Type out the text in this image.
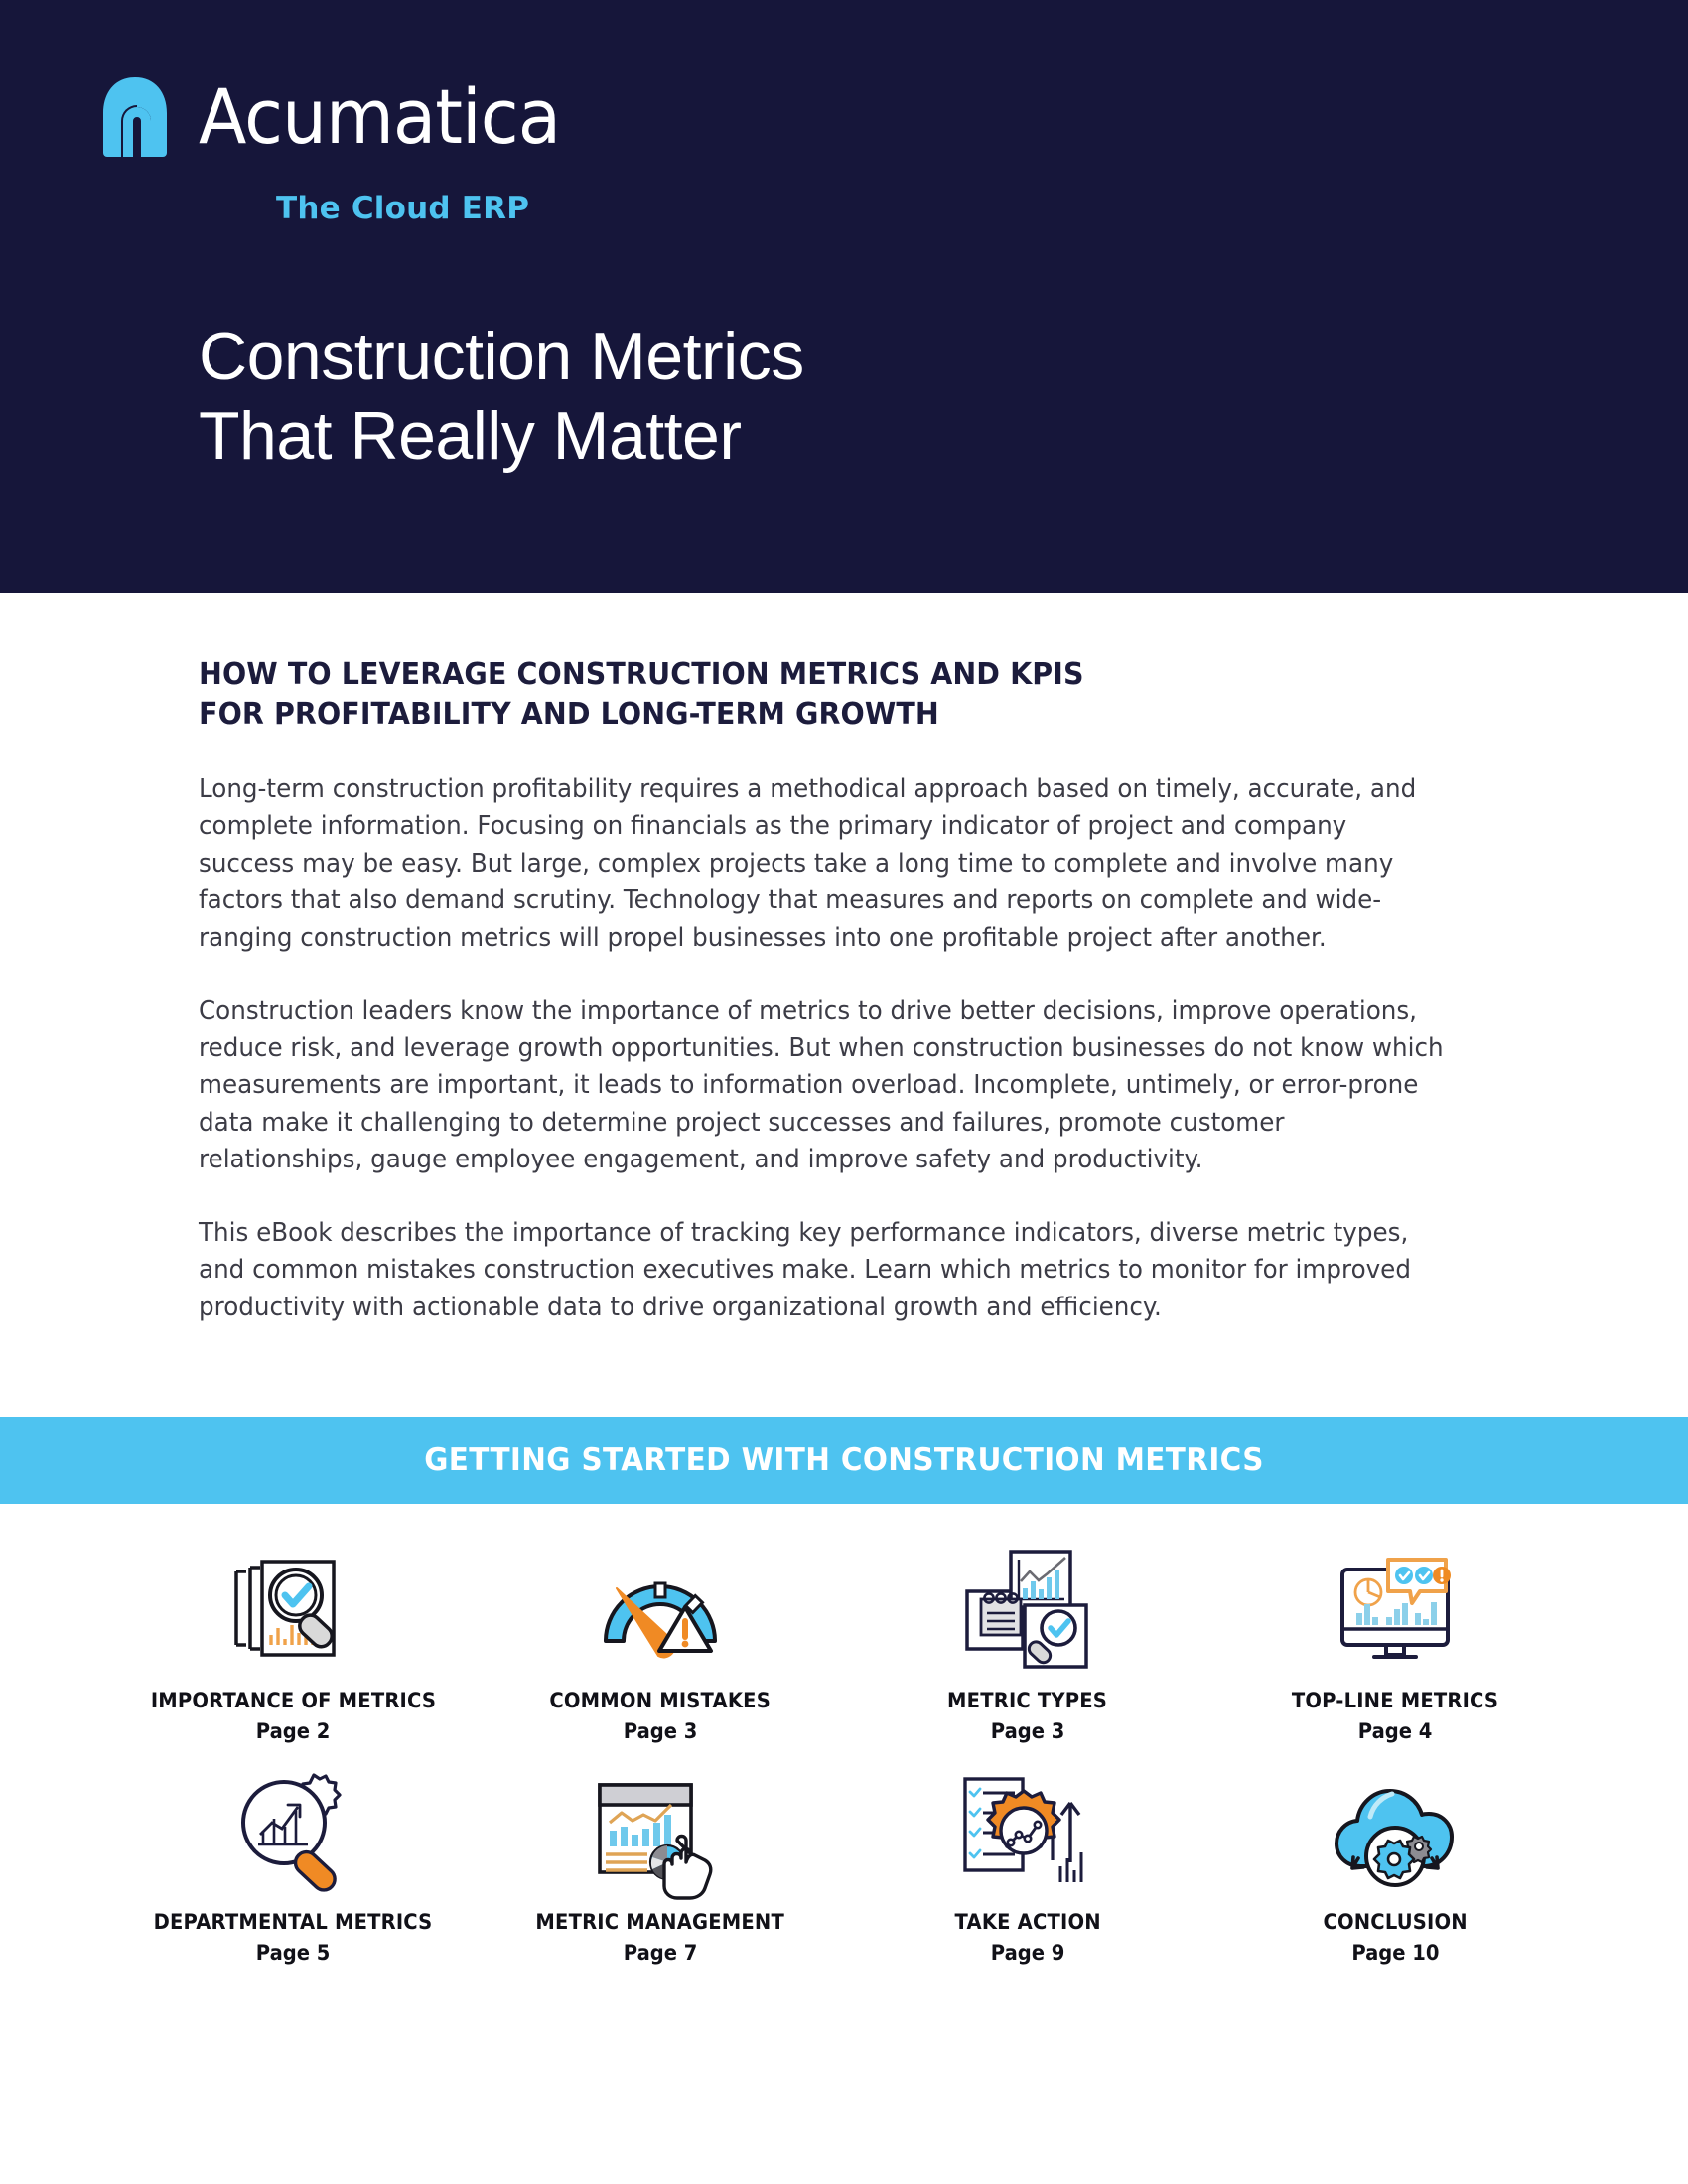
Acumatica
The Cloud ERP
Construction Metrics
That Really Matter
HOW TO LEVERAGE CONSTRUCTION METRICS AND KPIS
FOR PROFITABILITY AND LONG-TERM GROWTH

Long-term construction profitability requires a methodical approach based on timely, accurate, and complete information. Focusing on financials as the primary indicator of project and company success may be easy. But large, complex projects take a long time to complete and involve many factors that also demand scrutiny. Technology that measures and reports on complete and wide-ranging construction metrics will propel businesses into one profitable project after another.

Construction leaders know the importance of metrics to drive better decisions, improve operations, reduce risk, and leverage growth opportunities. But when construction businesses do not know which measurements are important, it leads to information overload. Incomplete, untimely, or error-prone data make it challenging to determine project successes and failures, promote customer relationships, gauge employee engagement, and improve safety and productivity.

This eBook describes the importance of tracking key performance indicators, diverse metric types, and common mistakes construction executives make. Learn which metrics to monitor for improved productivity with actionable data to drive organizational growth and efficiency.

GETTING STARTED WITH CONSTRUCTION METRICS
IMPORTANCE OF METRICS
Page 2
COMMON MISTAKES
Page 3
METRIC TYPES
Page 3
TOP-LINE METRICS
Page 4
DEPARTMENTAL METRICS
Page 5
METRIC MANAGEMENT
Page 7
TAKE ACTION
Page 9
CONCLUSION
Page 10
